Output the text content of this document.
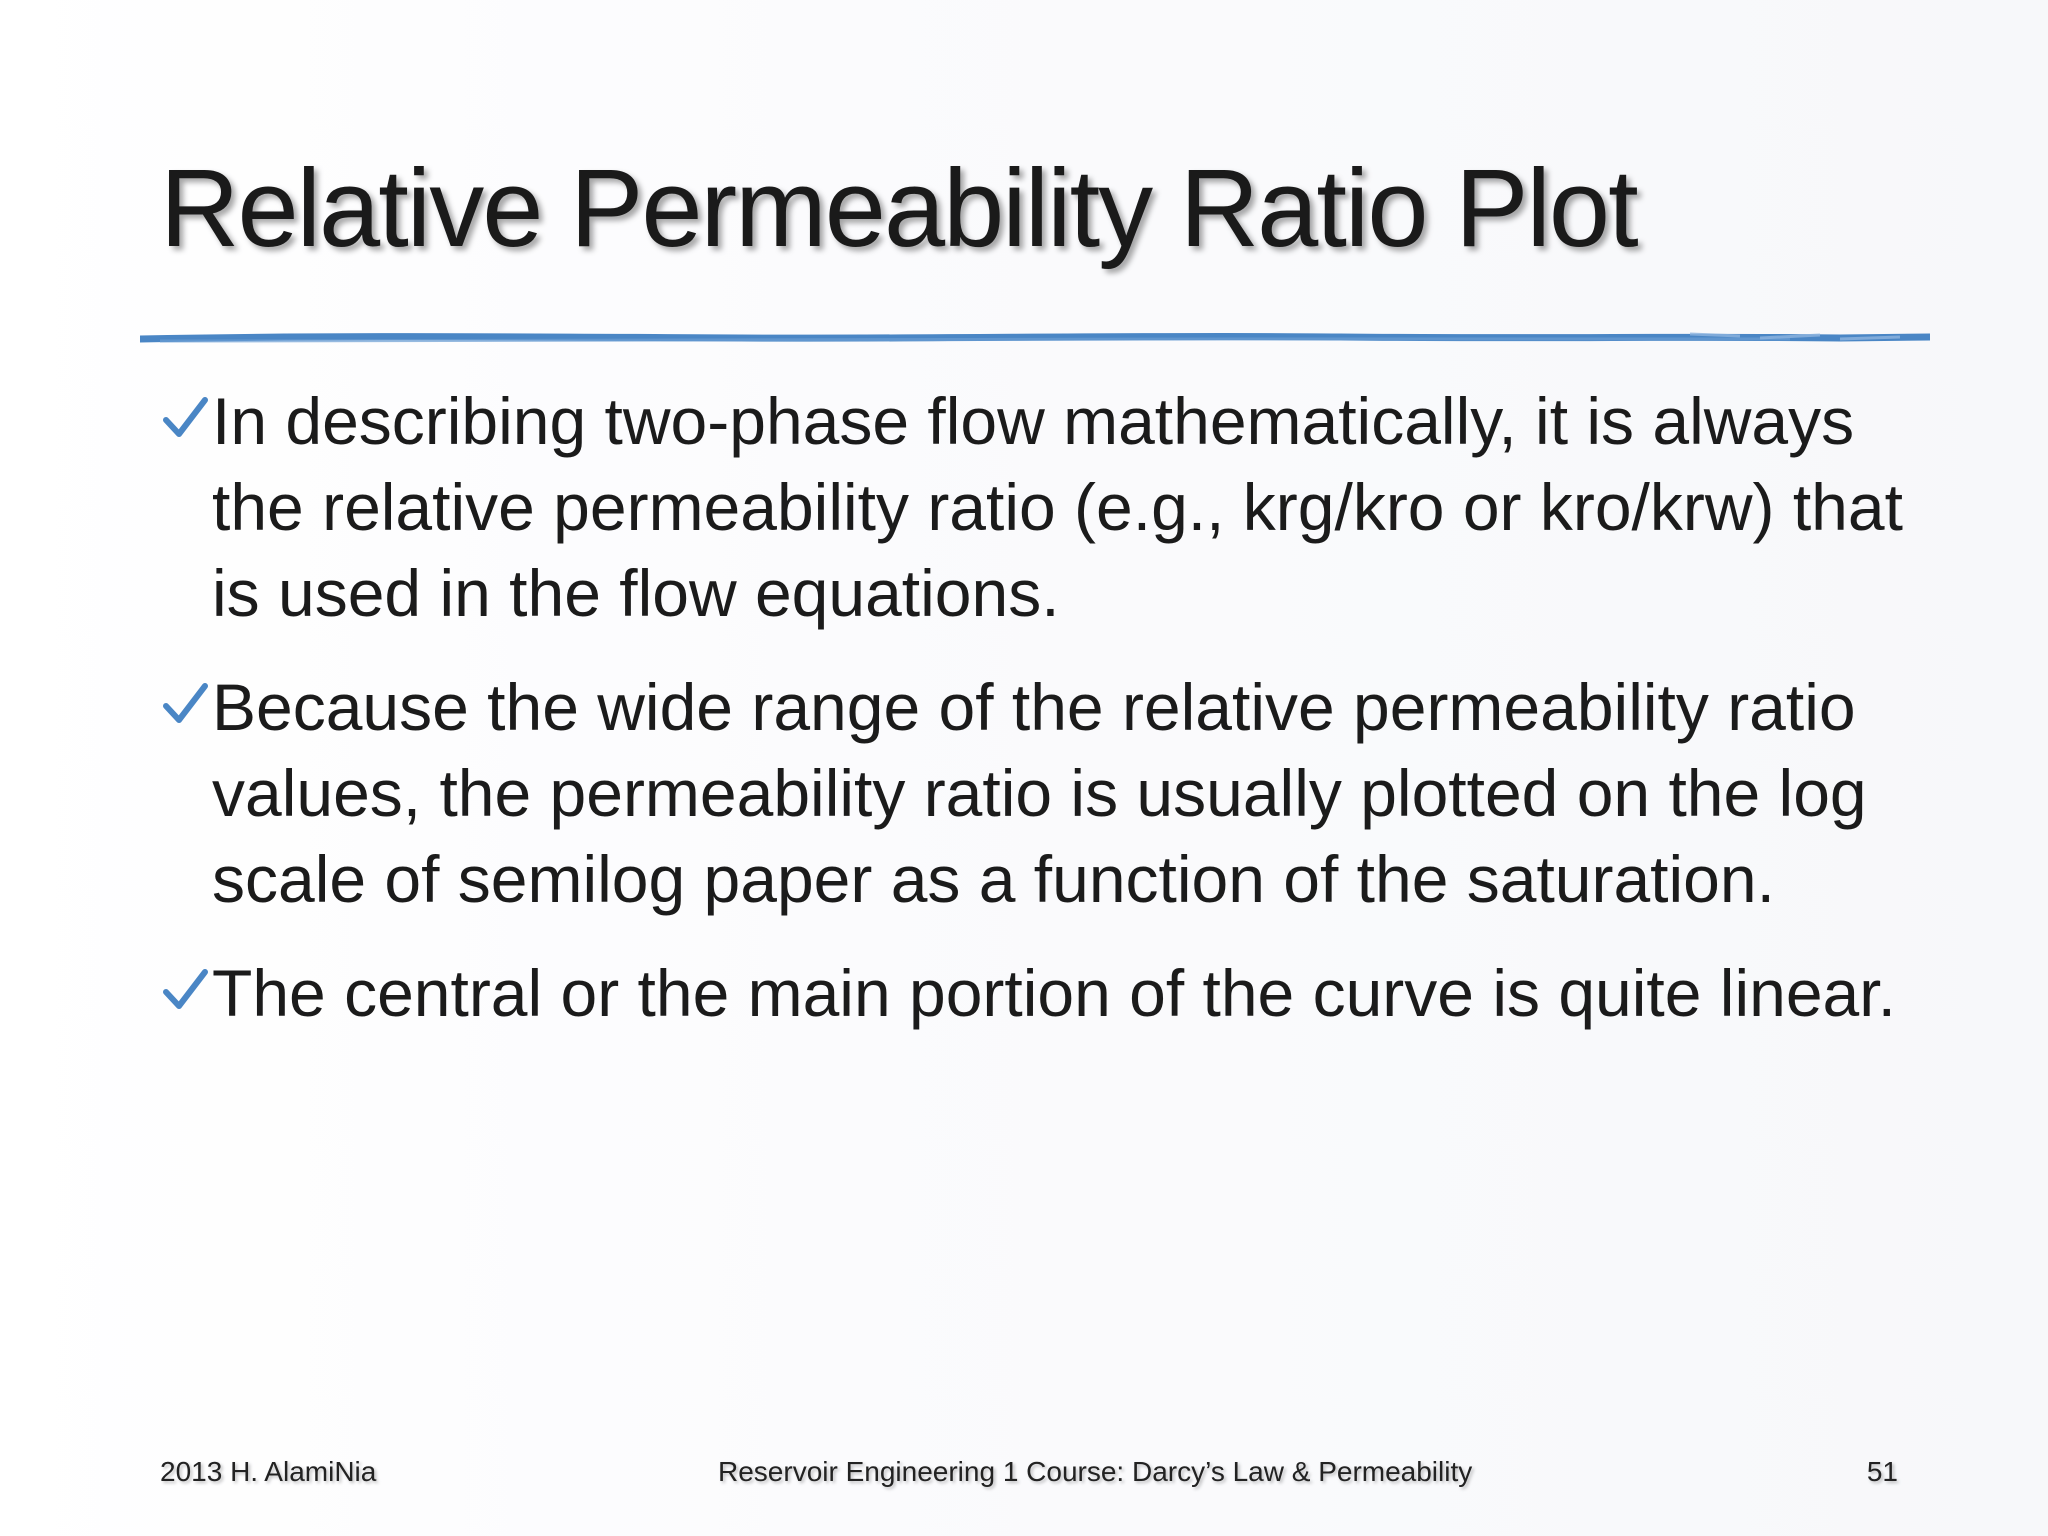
Relative Permeability Ratio Plot
In describing two-phase flow mathematically, it is always the relative permeability ratio (e.g., krg/kro or kro/krw) that is used in the flow equations.
Because the wide range of the relative permeability ratio values, the permeability ratio is usually plotted on the log scale of semilog paper as a function of the saturation.
The central or the main portion of the curve is quite linear.
2013 H. AlamiNia	Reservoir Engineering 1 Course: Darcy’s Law & Permeability	51
